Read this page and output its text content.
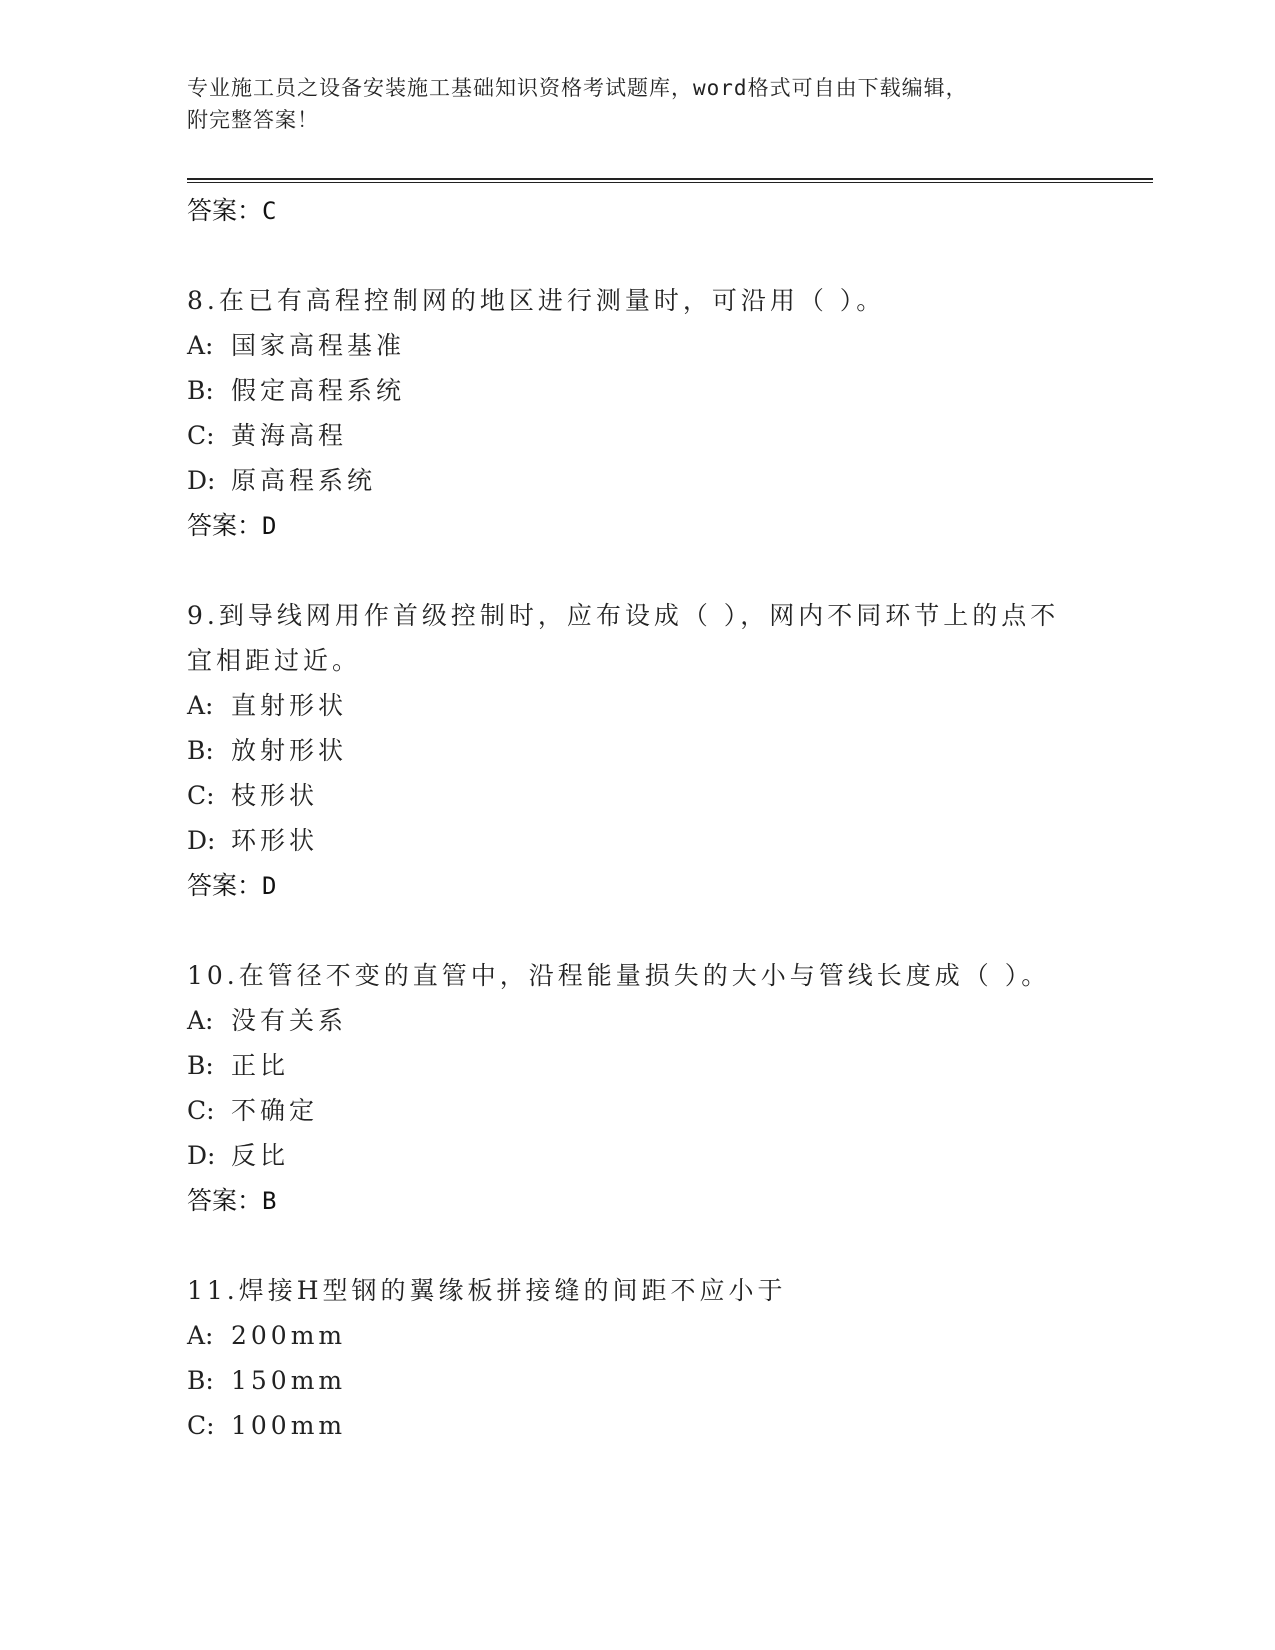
专业施工员之设备安装施工基础知识资格考试题库，word格式可自由下载编辑，
附完整答案！
答案：C
8.在已有高程控制网的地区进行测量时，可沿用（ ）。
A: 国家高程基准
B: 假定高程系统
C: 黄海高程
D: 原高程系统
答案：D
9.到导线网用作首级控制时，应布设成（ ），网内不同环节上的点不宜相距过近。
A: 直射形状
B: 放射形状
C: 枝形状
D: 环形状
答案：D
10.在管径不变的直管中，沿程能量损失的大小与管线长度成（ ）。
A: 没有关系
B: 正比
C: 不确定
D: 反比
答案：B
11.焊接H型钢的翼缘板拼接缝的间距不应小于
A: 200mm
B: 150mm
C: 100mm
